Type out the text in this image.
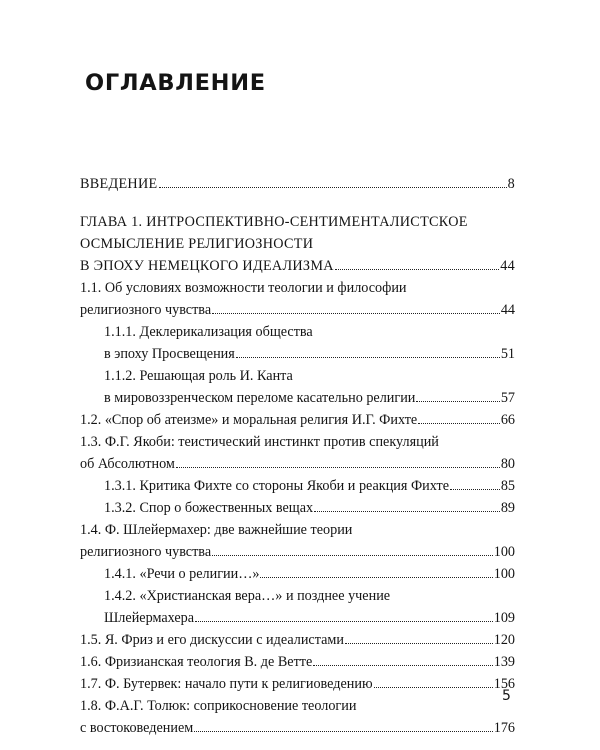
ОГЛАВЛЕНИЕ
ВВЕДЕНИЕ	8
ГЛАВА 1. ИНТРОСПЕКТИВНО-СЕНТИМЕНТАЛИСТСКОЕ
ОСМЫСЛЕНИЕ РЕЛИГИОЗНОСТИ
В ЭПОХУ НЕМЕЦКОГО ИДЕАЛИЗМА	44
1.1. Об условиях возможности теологии и философии
религиозного чувства	44
1.1.1. Деклерикализация общества
в эпоху Просвещения	51
1.1.2. Решающая роль И. Канта
в мировоззренческом переломе касательно религии	57
1.2. «Спор об атеизме» и моральная религия И.Г. Фихте	66
1.3. Ф.Г. Якоби: теистический инстинкт против спекуляций
об Абсолютном	80
1.3.1. Критика Фихте со стороны Якоби и реакция Фихте	85
1.3.2. Спор о божественных вещах	89
1.4. Ф. Шлейермахер: две важнейшие теории
религиозного чувства	100
1.4.1. «Речи о религии…»	100
1.4.2. «Христианская вера…» и позднее учение
Шлейермахера	109
1.5. Я. Фриз и его дискуссии с идеалистами	120
1.6. Фризианская теология В. де Ветте	139
1.7. Ф. Бутервек: начало пути к религиоведению	156
1.8. Ф.А.Г. Толюк: соприкосновение теологии
с востоковедением	176
5
